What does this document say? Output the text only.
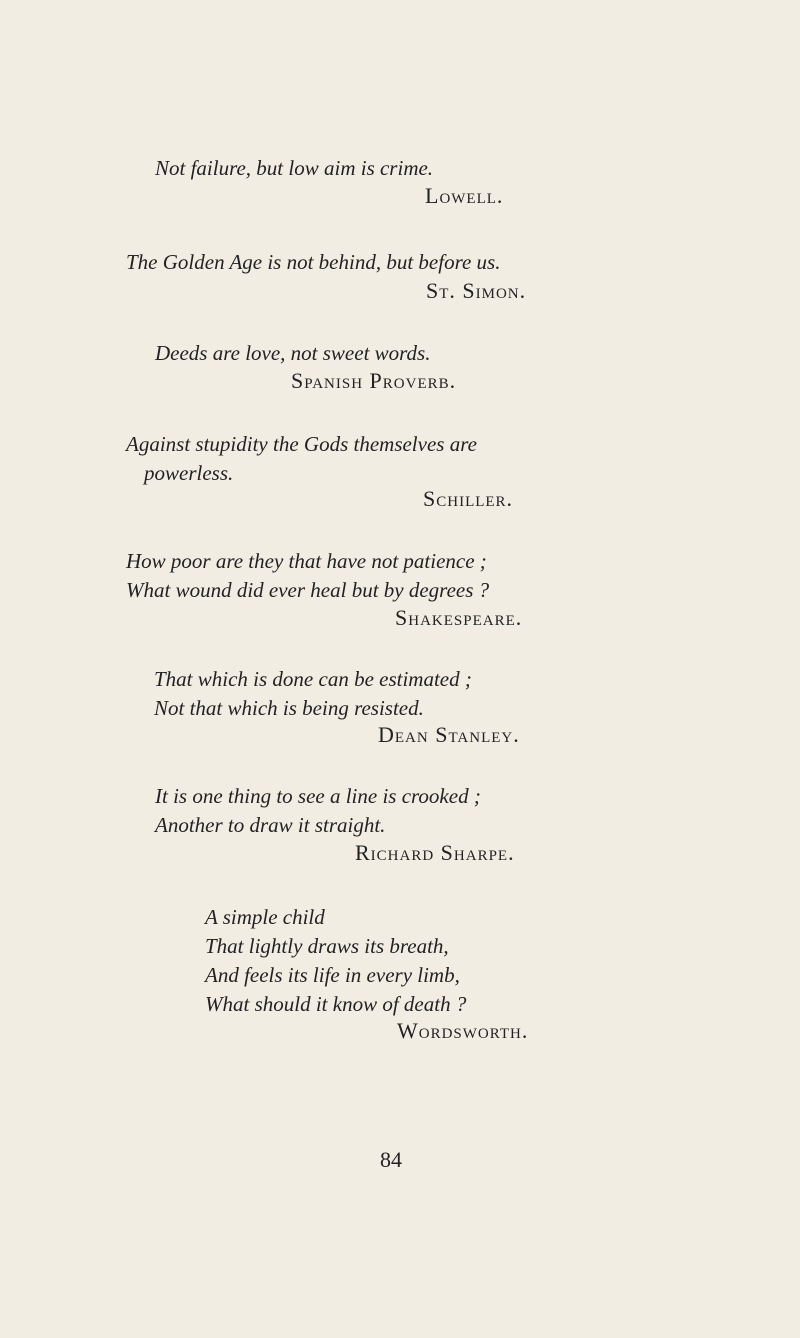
Not failure, but low aim is crime.
Lowell.
The Golden Age is not behind, but before us.
St. Simon.
Deeds are love, not sweet words.
Spanish Proverb.
Against stupidity the Gods themselves are
powerless.
Schiller.
How poor are they that have not patience ;
What wound did ever heal but by degrees ?
Shakespeare.
That which is done can be estimated ;
Not that which is being resisted.
Dean Stanley.
It is one thing to see a line is crooked ;
Another to draw it straight.
Richard Sharpe.
A simple child
That lightly draws its breath,
And feels its life in every limb,
What should it know of death ?
Wordsworth.
84
